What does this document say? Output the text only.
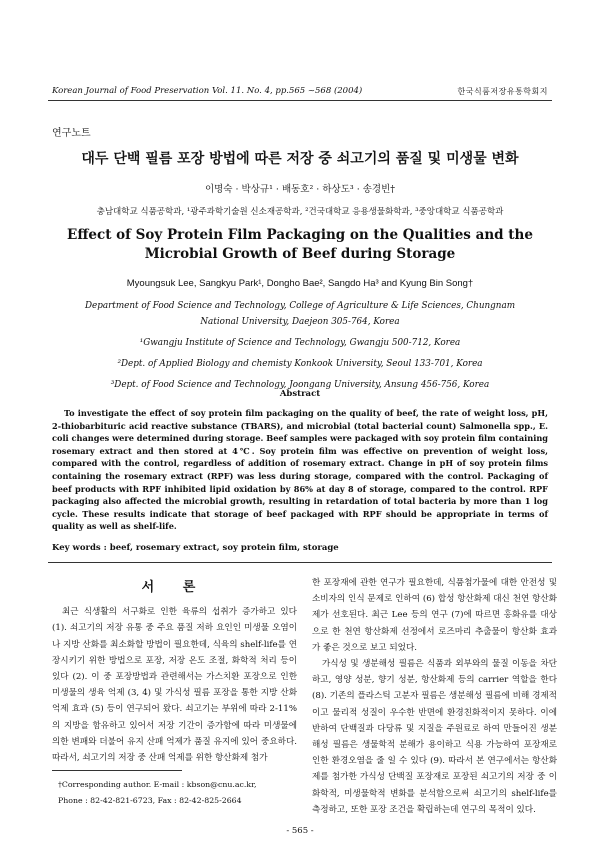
Korean Journal of Food Preservation Vol. 11. No. 4, pp.565 ~568 (2004)	한국식품저장유통학회지
연구노트
대두 단백 필름 포장 방법에 따른 저장 중 쇠고기의 품질 및 미생물 변화
이명숙 · 박상규¹ · 배동호² · 하상도³ · 송경빈†
충남대학교 식품공학과, ¹광주과학기술원 신소재공학과, ²건국대학교 응용생물화학과, ³중앙대학교 식품공학과
Effect of Soy Protein Film Packaging on the Qualities and the Microbial Growth of Beef during Storage
Myoungsuk Lee, Sangkyu Park¹, Dongho Bae², Sangdo Ha³ and Kyung Bin Song†
Department of Food Science and Technology, College of Agriculture & Life Sciences, Chungnam
National University, Daejeon 305-764, Korea
¹Gwangju Institute of Science and Technology, Gwangju 500-712, Korea
²Dept. of Applied Biology and chemisty Konkook University, Seoul 133-701, Korea
³Dept. of Food Science and Technology, Joongang University, Ansung 456-756, Korea
Abstract
To investigate the effect of soy protein film packaging on the quality of beef, the rate of weight loss, pH, 2-thiobarbituric acid reactive substance (TBARS), and microbial (total bacterial count) Salmonella spp., E. coli changes were determined during storage. Beef samples were packaged with soy protein film containing rosemary extract and then stored at 4℃. Soy protein film was effective on prevention of weight loss, compared with the control, regardless of addition of rosemary extract. Change in pH of soy protein films containing the rosemary extract (RPF) was less during storage, compared with the control. Packaging of beef products with RPF inhibited lipid oxidation by 86% at day 8 of storage, compared to the control. RPF packaging also affected the microbial growth, resulting in retardation of total bacteria by more than 1 log cycle. These results indicate that storage of beef packaged with RPF should be appropriate in terms of quality as well as shelf-life.
Key words : beef, rosemary extract, soy protein film, storage
서 론

최근 식생활의 서구화로 인한 육류의 섭취가 증가하고 있다 (1). 쇠고기의 저장 유통 중 주요 품질 저하 요인인 미생물 오염이나 지방 산화를 최소화할 방법이 필요한데, 식육의 shelf-life를 연장시키기 위한 방법으로 포장, 저장 온도 조절, 화학적 처리 등이 있다 (2). 이 중 포장방법과 관련해서는 가스치환 포장으로 인한 미생물의 생육 억제 (3, 4) 및 가식성 필름 포장을 통한 지방 산화 억제 효과 (5) 등이 연구되어 왔다. 쇠고기는 부위에 따라 2-11%의 지방을 함유하고 있어서 저장 기간이 증가함에 따라 미생물에 의한 변패와 더불어 유지 산패 억제가 품질 유지에 있어 중요하다. 따라서, 쇠고기의 저장 중 산패 억제를 위한 항산화제 첨가

한 포장재에 관한 연구가 필요한데, 식품첨가물에 대한 안전성 및 소비자의 인식 문제로 인하여 (6) 합성 항산화제 대신 천연 항산화제가 선호된다. 최근 Lee 등의 연구 (7)에 따르면 홍화유를 대상으로 한 천연 항산화제 선정에서 로즈마리 추출물이 항산화 효과가 좋은 것으로 보고 되었다.

가식성 및 생분해성 필름은 식품과 외부와의 물질 이동을 차단하고, 영양 성분, 향기 성분, 항산화제 등의 carrier 역할을 한다 (8). 기존의 플라스틱 고분자 필름은 생분해성 필름에 비해 경제적이고 물리적 성질이 우수한 반면에 환경친화적이지 못하다. 이에 반하여 단백질과 다당류 및 지질을 주원료로 하여 만들어진 생분해성 필름은 생물학적 분해가 용이하고 식용 가능하여 포장재로 인한 환경오염을 줄 일 수 있다 (9). 따라서 본 연구에서는 항산화제를 첨가한 가식성 단백질 포장재로 포장된 쇠고기의 저장 중 이화학적, 미생물학적 변화를 분석함으로써 쇠고기의 shelf-life를 측정하고, 또한 포장 조건을 확립하는데 연구의 목적이 있다.

†Corresponding author. E-mail : kbson@cnu.ac.kr,
Phone : 82-42-821-6723, Fax : 82-42-825-2664
- 565 -
